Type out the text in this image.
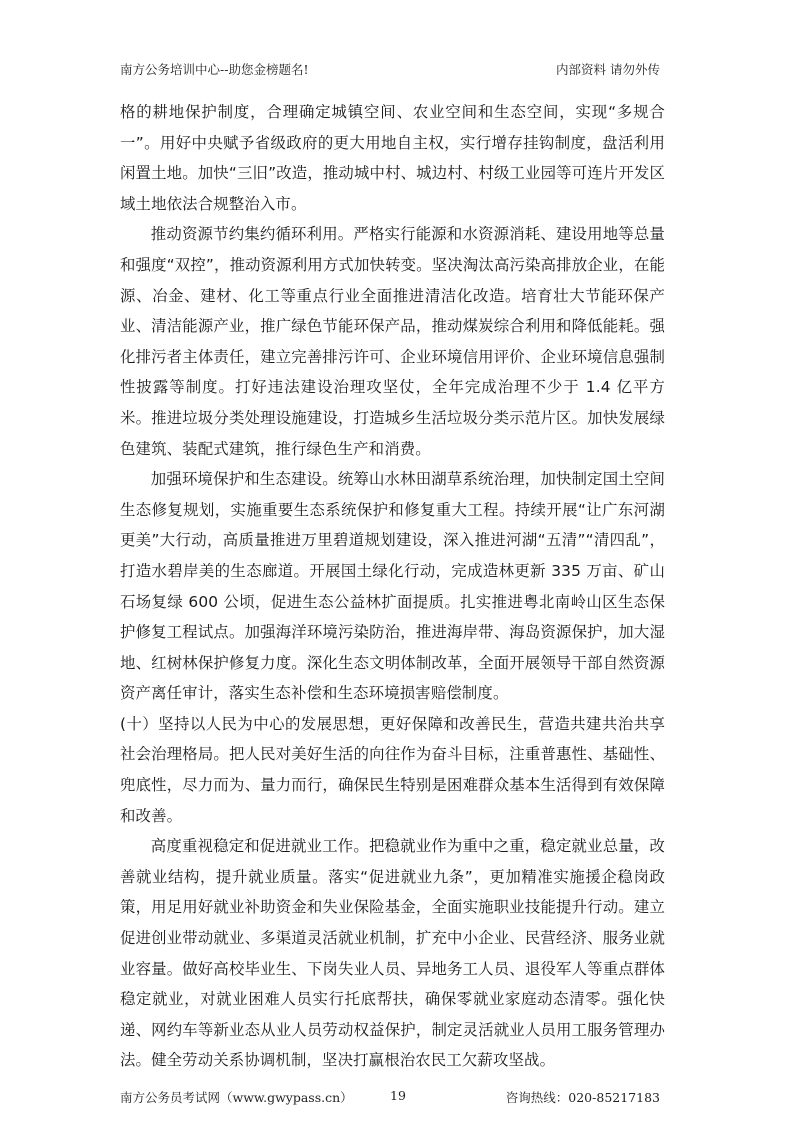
南方公务培训中心--助您金榜题名!	内部资料 请勿外传

格的耕地保护制度，合理确定城镇空间、农业空间和生态空间，实现“多规合一”。用好中央赋予省级政府的更大用地自主权，实行增存挂钩制度，盘活利用闲置土地。加快“三旧”改造，推动城中村、城边村、村级工业园等可连片开发区域土地依法合规整治入市。

推动资源节约集约循环利用。严格实行能源和水资源消耗、建设用地等总量和强度“双控”，推动资源利用方式加快转变。坚决淘汰高污染高排放企业，在能源、冶金、建材、化工等重点行业全面推进清洁化改造。培育壮大节能环保产业、清洁能源产业，推广绿色节能环保产品，推动煤炭综合利用和降低能耗。强化排污者主体责任，建立完善排污许可、企业环境信用评价、企业环境信息强制性披露等制度。打好违法建设治理攻坚仗，全年完成治理不少于 1.4 亿平方米。推进垃圾分类处理设施建设，打造城乡生活垃圾分类示范片区。加快发展绿色建筑、装配式建筑，推行绿色生产和消费。

加强环境保护和生态建设。统筹山水林田湖草系统治理，加快制定国土空间生态修复规划，实施重要生态系统保护和修复重大工程。持续开展“让广东河湖更美”大行动，高质量推进万里碧道规划建设，深入推进河湖“五清”“清四乱”，打造水碧岸美的生态廊道。开展国土绿化行动，完成造林更新 335 万亩、矿山石场复绿 600 公顷，促进生态公益林扩面提质。扎实推进粤北南岭山区生态保护修复工程试点。加强海洋环境污染防治，推进海岸带、海岛资源保护，加大湿地、红树林保护修复力度。深化生态文明体制改革，全面开展领导干部自然资源资产离任审计，落实生态补偿和生态环境损害赔偿制度。

(十）坚持以人民为中心的发展思想，更好保障和改善民生，营造共建共治共享社会治理格局。把人民对美好生活的向往作为奋斗目标，注重普惠性、基础性、兜底性，尽力而为、量力而行，确保民生特别是困难群众基本生活得到有效保障和改善。

高度重视稳定和促进就业工作。把稳就业作为重中之重，稳定就业总量，改善就业结构，提升就业质量。落实“促进就业九条”，更加精准实施援企稳岗政策，用足用好就业补助资金和失业保险基金，全面实施职业技能提升行动。建立促进创业带动就业、多渠道灵活就业机制，扩充中小企业、民营经济、服务业就业容量。做好高校毕业生、下岗失业人员、异地务工人员、退役军人等重点群体稳定就业，对就业困难人员实行托底帮扶，确保零就业家庭动态清零。强化快递、网约车等新业态从业人员劳动权益保护，制定灵活就业人员用工服务管理办法。健全劳动关系协调机制，坚决打赢根治农民工欠薪攻坚战。

南方公务员考试网（www.gwypass.cn）	19	咨询热线：020-85217183
